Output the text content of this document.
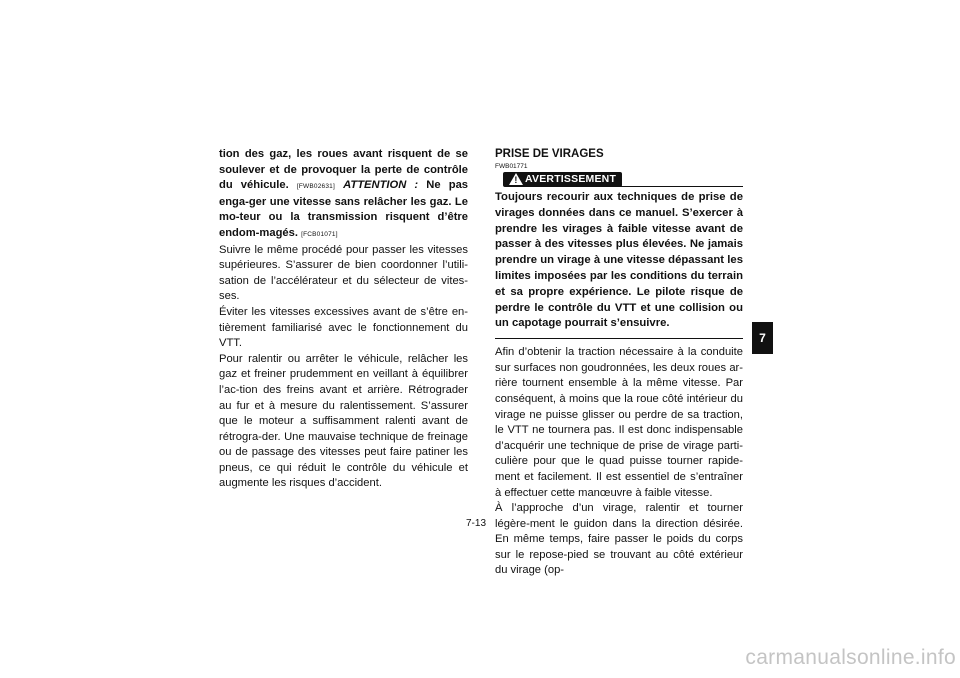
tion des gaz, les roues avant risquent de se soulever et de provoquer la perte de contrôle du véhicule. [FWB02631] ATTENTION : Ne pas enga-ger une vitesse sans relâcher les gaz. Le mo-teur ou la transmission risquent d’être endom-magés. [FCB01071]

Suivre le même procédé pour passer les vitesses supérieures. S’assurer de bien coordonner l’utili-sation de l’accélérateur et du sélecteur de vites-ses.

Éviter les vitesses excessives avant de s’être en-tièrement familiarisé avec le fonctionnement du VTT.

Pour ralentir ou arrêter le véhicule, relâcher les gaz et freiner prudemment en veillant à équilibrer l’ac-tion des freins avant et arrière. Rétrograder au fur et à mesure du ralentissement. S’assurer que le moteur a suffisamment ralenti avant de rétrogra-der. Une mauvaise technique de freinage ou de passage des vitesses peut faire patiner les pneus, ce qui réduit le contrôle du véhicule et augmente les risques d’accident.

PRISE DE VIRAGES

FWB01771
! AVERTISSEMENT

Toujours recourir aux techniques de prise de virages données dans ce manuel. S’exercer à prendre les virages à faible vitesse avant de passer à des vitesses plus élevées. Ne jamais prendre un virage à une vitesse dépassant les limites imposées par les conditions du terrain et sa propre expérience. Le pilote risque de perdre le contrôle du VTT et une collision ou un capotage pourrait s’ensuivre.

Afin d’obtenir la traction nécessaire à la conduite sur surfaces non goudronnées, les deux roues ar-rière tournent ensemble à la même vitesse. Par conséquent, à moins que la roue côté intérieur du virage ne puisse glisser ou perdre de sa traction, le VTT ne tournera pas. Il est donc indispensable d’acquérir une technique de prise de virage parti-culière pour que le quad puisse tourner rapide-ment et facilement. Il est essentiel de s’entraîner à effectuer cette manœuvre à faible vitesse.

À l’approche d’un virage, ralentir et tourner légère-ment le guidon dans la direction désirée. En même temps, faire passer le poids du corps sur le repose-pied se trouvant au côté extérieur du virage (op-

7
7-13
carmanualsonline.info
